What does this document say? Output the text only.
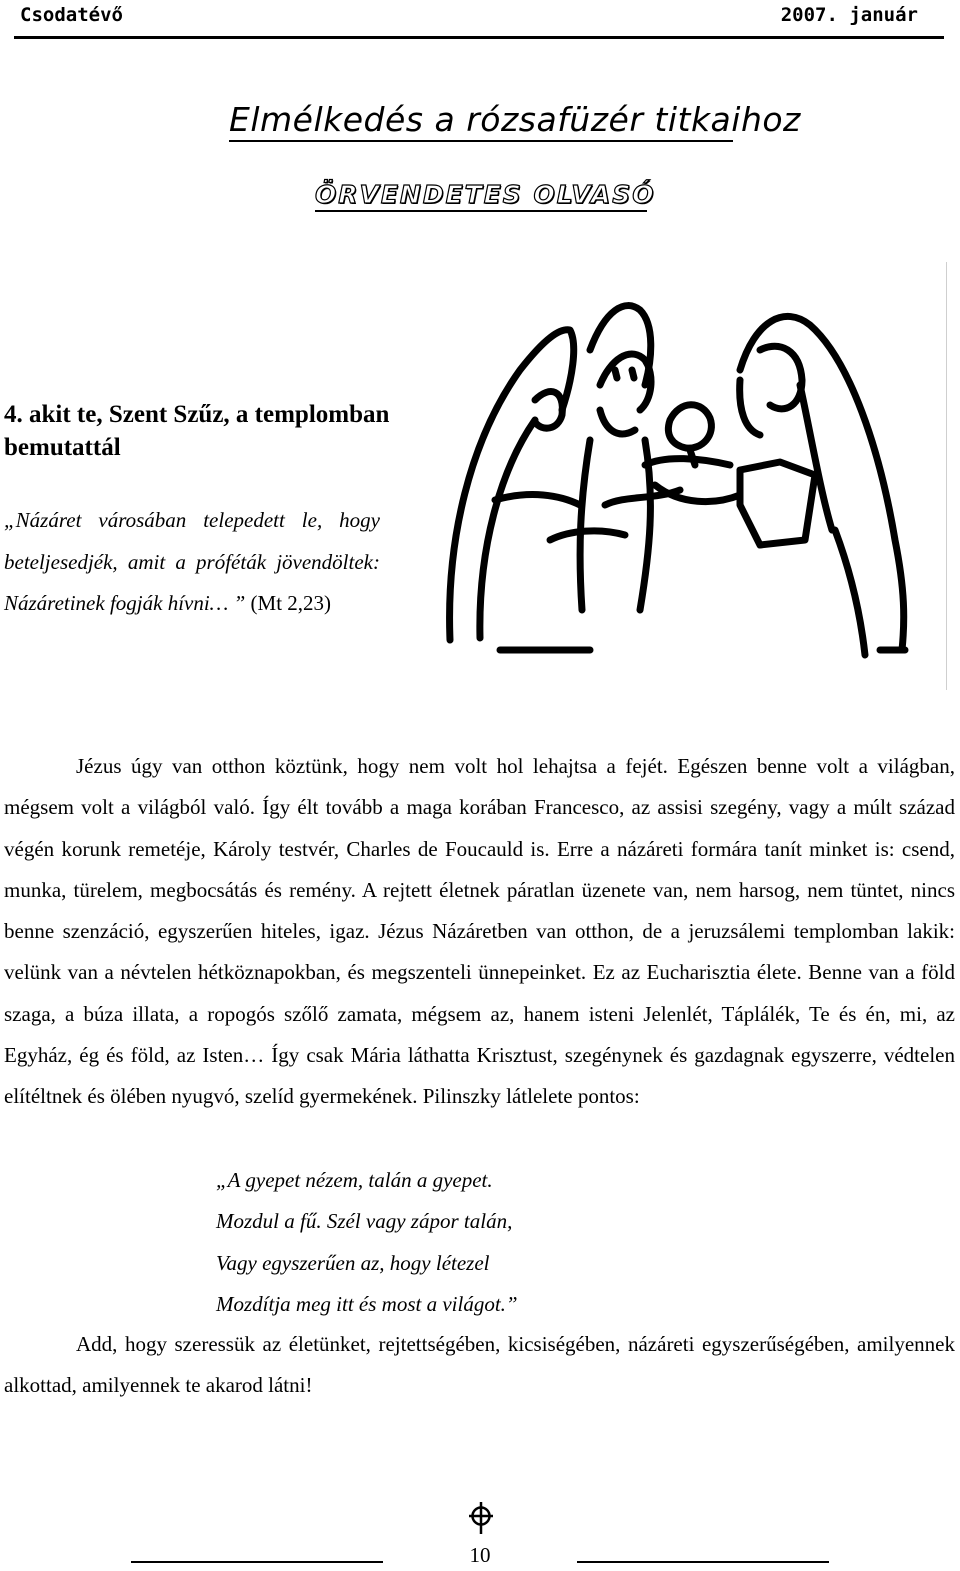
Csodatévő	2007. január
Elmélkedés a rózsafüzér titkaihoz
ÖRVENDETES OLVASÓ
4. akit te, Szent Szűz, a templomban bemutattál
„Názáret városában telepedett le, hogy beteljesedjék, amit a próféták jövendöltek: Názáretinek fogják hívni… ” (Mt 2,23)

Jézus úgy van otthon köztünk, hogy nem volt hol lehajtsa a fejét. Egészen benne volt a világban, mégsem volt a világból való. Így élt tovább a maga korában Francesco, az assisi szegény, vagy a múlt század végén korunk remetéje, Károly testvér, Charles de Foucauld is. Erre a názáreti formára tanít minket is: csend, munka, türelem, megbocsátás és remény. A rejtett életnek páratlan üzenete van, nem harsog, nem tüntet, nincs benne szenzáció, egyszerűen hiteles, igaz. Jézus Názáretben van otthon, de a jeruzsálemi templomban lakik: velünk van a névtelen hétköznapokban, és megszenteli ünnepeinket. Ez az Eucharisztia élete. Benne van a föld szaga, a búza illata, a ropogós szőlő zamata, mégsem az, hanem isteni Jelenlét, Táplálék, Te és én, mi, az Egyház, ég és föld, az Isten… Így csak Mária láthatta Krisztust, szegénynek és gazdagnak egyszerre, védtelen elítéltnek és ölében nyugvó, szelíd gyermekének. Pilinszky látlelete pontos:

„A gyepet nézem, talán a gyepet.
Mozdul a fű. Szél vagy zápor talán,
Vagy egyszerűen az, hogy létezel
Mozdítja meg itt és most a világot.”

Add, hogy szeressük az életünket, rejtettségében, kicsiségében, názáreti egyszerűségében, amilyennek alkottad, amilyennek te akarod látni!

10
